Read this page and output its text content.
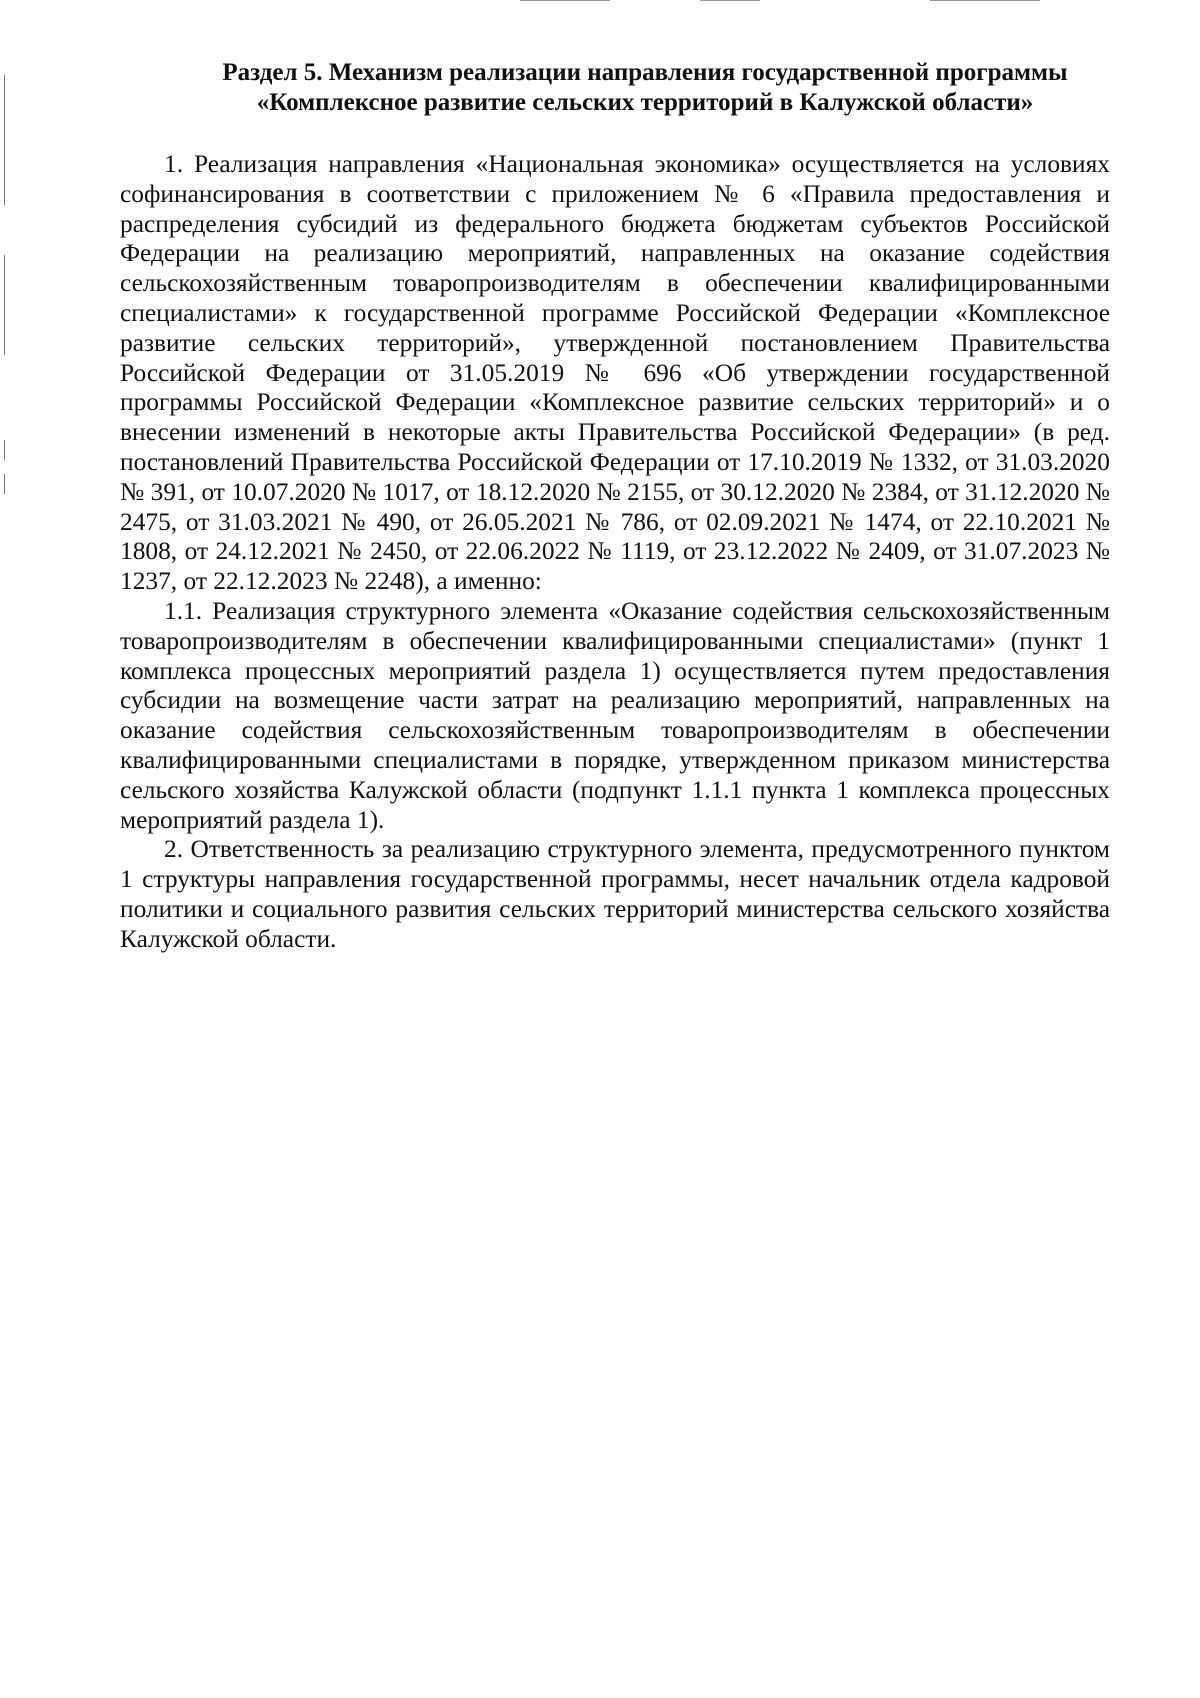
Раздел 5. Механизм реализации направления государственной программы
«Комплексное развитие сельских территорий в Калужской области»

1. Реализация направления «Национальная экономика» осуществляется на условиях софинансирования в соответствии с приложением № 6 «Правила предоставления и распределения субсидий из федерального бюджета бюджетам субъектов Российской Федерации на реализацию мероприятий, направленных на оказание содействия сельскохозяйственным товаропроизводителям в обеспечении квалифицированными специалистами» к государственной программе Российской Федерации «Комплексное развитие сельских территорий», утвержденной постановлением Правительства Российской Федерации от 31.05.2019 № 696 «Об утверждении государственной программы Российской Федерации «Комплексное развитие сельских территорий» и о внесении изменений в некоторые акты Правительства Российской Федерации» (в ред. постановлений Правительства Российской Федерации от 17.10.2019 № 1332, от 31.03.2020 № 391, от 10.07.2020 № 1017, от 18.12.2020 № 2155, от 30.12.2020 № 2384, от 31.12.2020 № 2475, от 31.03.2021 № 490, от 26.05.2021 № 786, от 02.09.2021 № 1474, от 22.10.2021 № 1808, от 24.12.2021 № 2450, от 22.06.2022 № 1119, от 23.12.2022 № 2409, от 31.07.2023 № 1237, от 22.12.2023 № 2248), а именно:

1.1. Реализация структурного элемента «Оказание содействия сельскохозяйственным товаропроизводителям в обеспечении квалифицированными специалистами» (пункт 1 комплекса процессных мероприятий раздела 1) осуществляется путем предоставления субсидии на возмещение части затрат на реализацию мероприятий, направленных на оказание содействия сельскохозяйственным товаропроизводителям в обеспечении квалифицированными специалистами в порядке, утвержденном приказом министерства сельского хозяйства Калужской области (подпункт 1.1.1 пункта 1 комплекса процессных мероприятий раздела 1).

2. Ответственность за реализацию структурного элемента, предусмотренного пунктом 1 структуры направления государственной программы, несет начальник отдела кадровой политики и социального развития сельских территорий министерства сельского хозяйства Калужской области.
